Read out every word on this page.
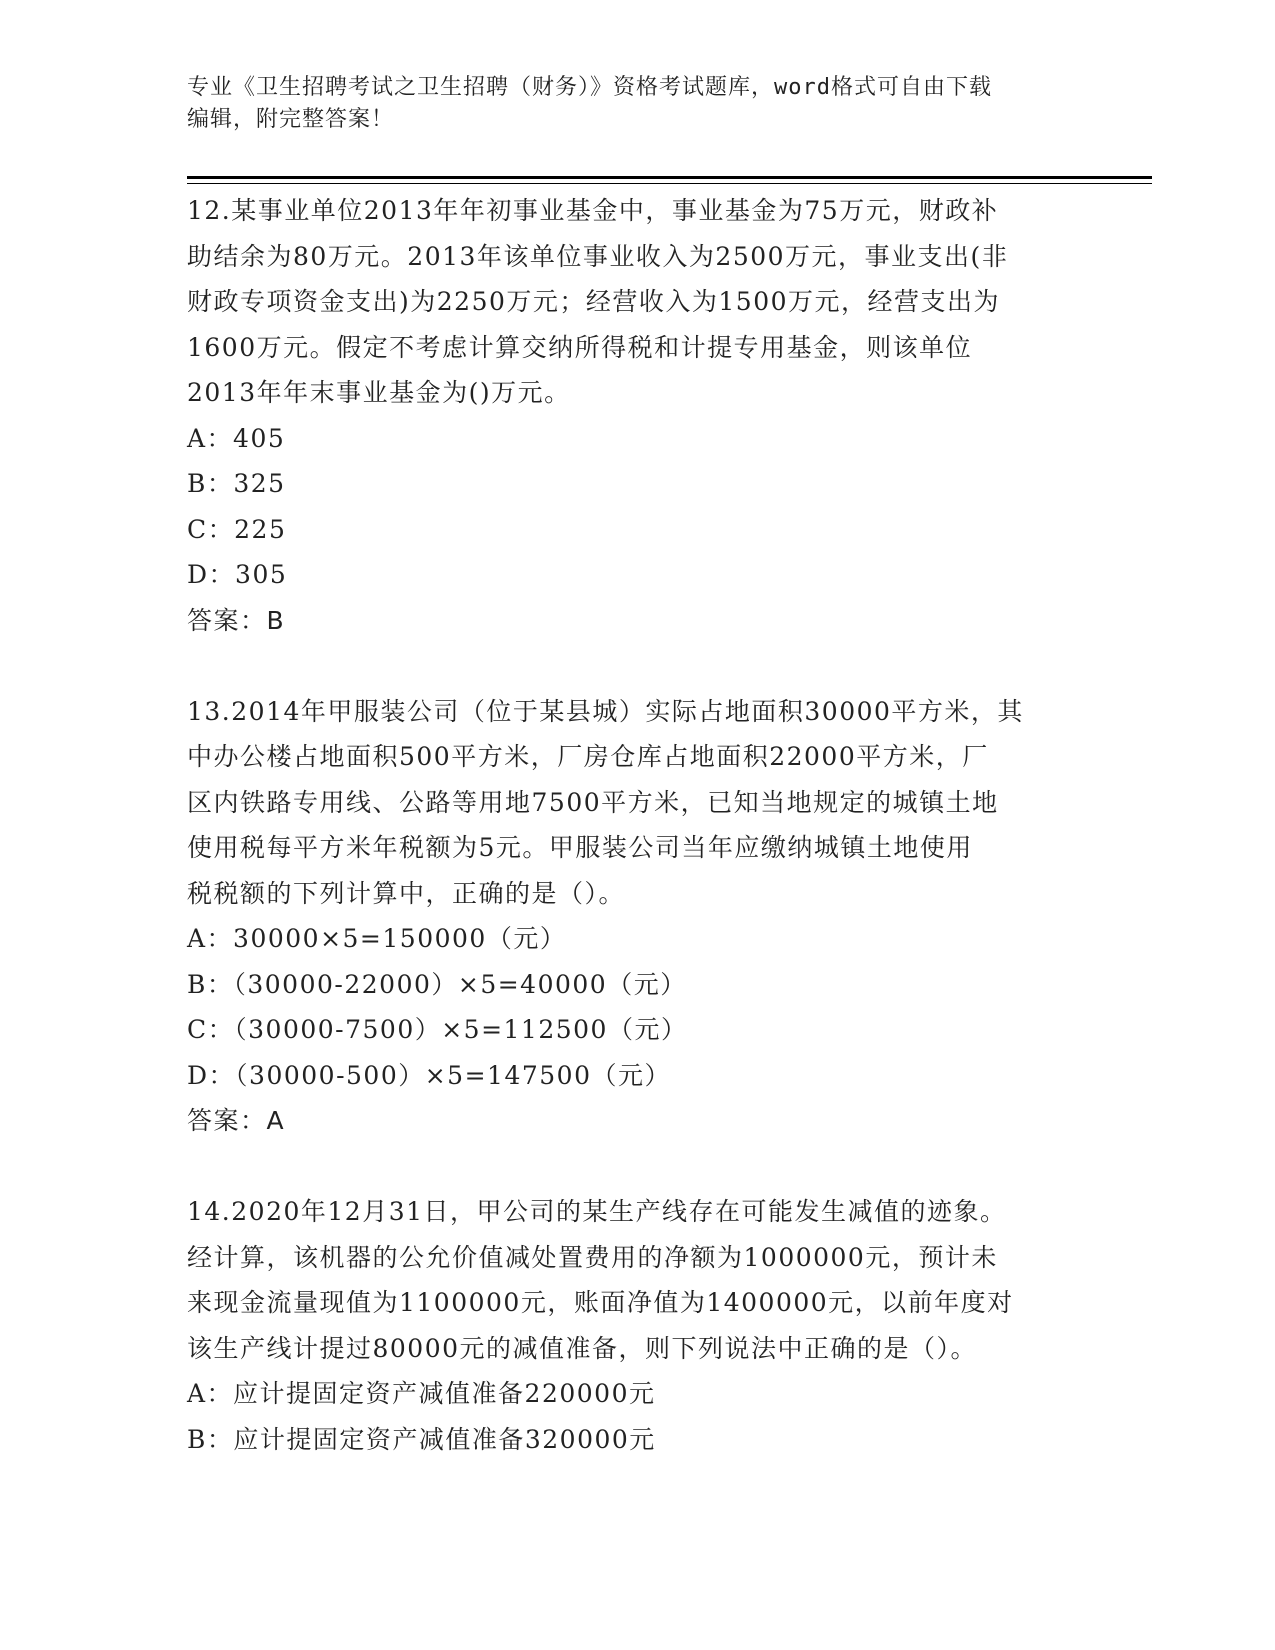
专业《卫生招聘考试之卫生招聘（财务）》资格考试题库，word格式可自由下载

编辑，附完整答案！

12.某事业单位2013年年初事业基金中，事业基金为75万元，财政补

助结余为80万元。2013年该单位事业收入为2500万元，事业支出(非

财政专项资金支出)为2250万元；经营收入为1500万元，经营支出为

1600万元。假定不考虑计算交纳所得税和计提专用基金，则该单位

2013年年末事业基金为()万元。

A：405

B：325

C：225

D：305

答案：B

13.2014年甲服装公司（位于某县城）实际占地面积30000平方米，其

中办公楼占地面积500平方米，厂房仓库占地面积22000平方米，厂

区内铁路专用线、公路等用地7500平方米，已知当地规定的城镇土地

使用税每平方米年税额为5元。甲服装公司当年应缴纳城镇土地使用

税税额的下列计算中，正确的是（）。

A：30000×5=150000（元）

B：（30000-22000）×5=40000（元）

C：（30000-7500）×5=112500（元）

D：（30000-500）×5=147500（元）

答案：A

14.2020年12月31日，甲公司的某生产线存在可能发生减值的迹象。

经计算，该机器的公允价值减处置费用的净额为1000000元，预计未

来现金流量现值为1100000元，账面净值为1400000元，以前年度对

该生产线计提过80000元的减值准备，则下列说法中正确的是（）。

A：应计提固定资产减值准备220000元

B：应计提固定资产减值准备320000元
